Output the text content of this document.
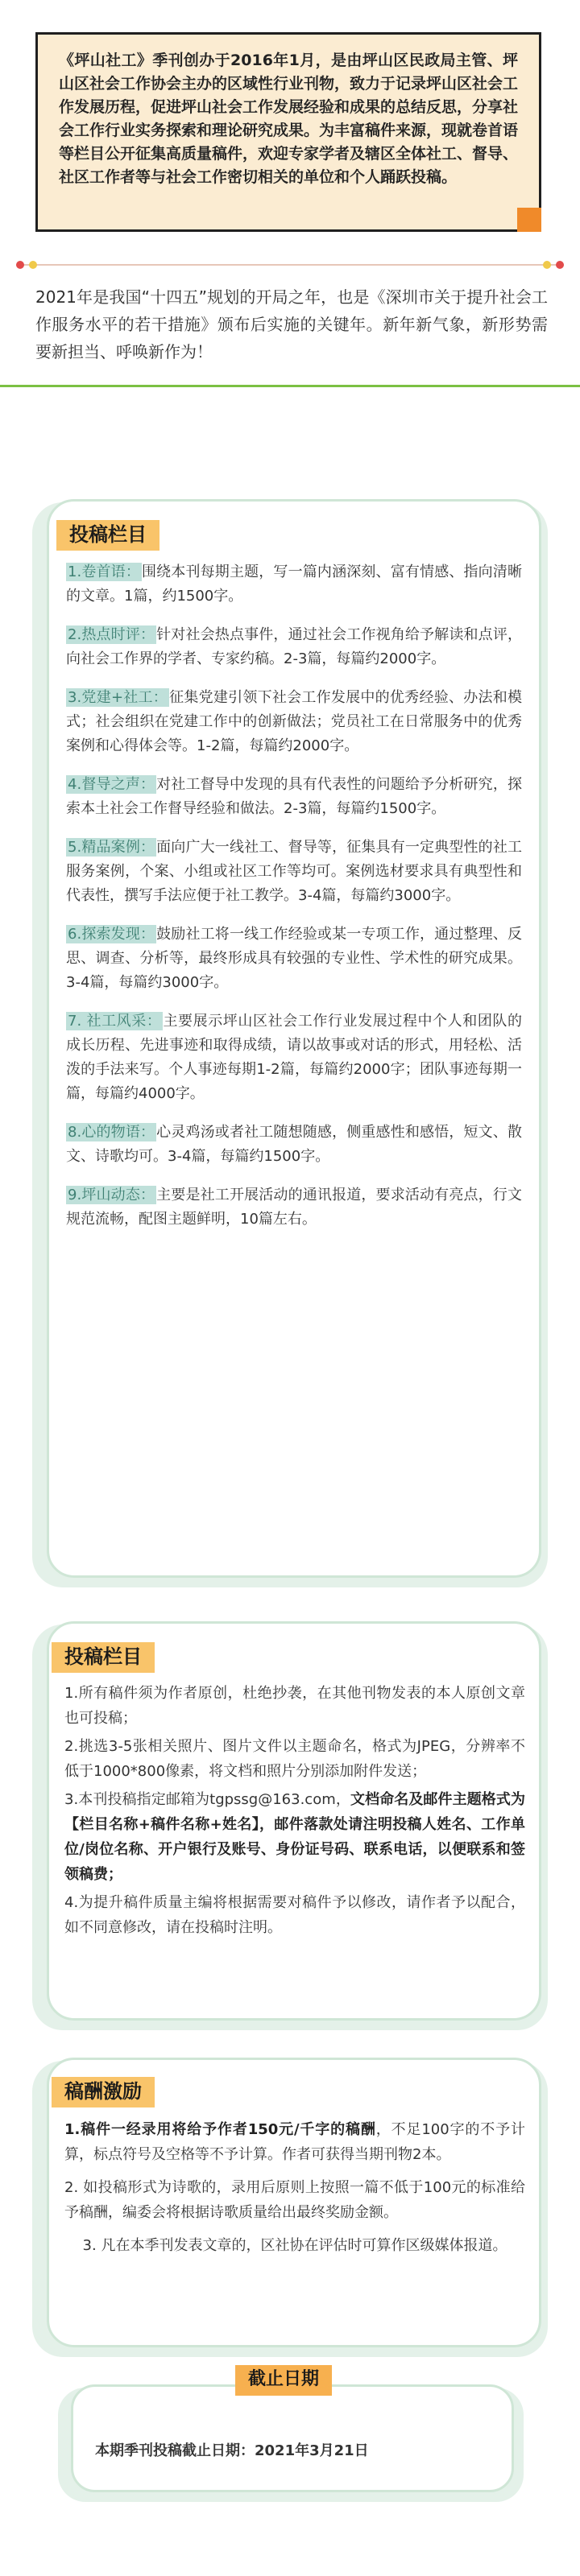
《坪山社工》季刊创办于2016年1月，是由坪山区民政局主管、坪山区社会工作协会主办的区域性行业刊物，致力于记录坪山区社会工作发展历程，促进坪山社会工作发展经验和成果的总结反思，分享社会工作行业实务探索和理论研究成果。为丰富稿件来源，现就卷首语等栏目公开征集高质量稿件，欢迎专家学者及辖区全体社工、督导、社区工作者等与社会工作密切相关的单位和个人踊跃投稿。

2021年是我国“十四五”规划的开局之年，也是《深圳市关于提升社会工作服务水平的若干措施》颁布后实施的关键年。新年新气象，新形势需要新担当、呼唤新作为！

投稿栏目

1.卷首语： 围绕本刊每期主题，写一篇内涵深刻、富有情感、指向清晰的文章。1篇，约1500字。

2.热点时评： 针对社会热点事件，通过社会工作视角给予解读和点评，向社会工作界的学者、专家约稿。2-3篇，每篇约2000字。

3.党建+社工： 征集党建引领下社会工作发展中的优秀经验、办法和模式；社会组织在党建工作中的创新做法；党员社工在日常服务中的优秀案例和心得体会等。1-2篇，每篇约2000字。

4.督导之声： 对社工督导中发现的具有代表性的问题给予分析研究，探索本土社会工作督导经验和做法。2-3篇，每篇约1500字。

5.精品案例： 面向广大一线社工、督导等，征集具有一定典型性的社工服务案例，个案、小组或社区工作等均可。案例选材要求具有典型性和代表性，撰写手法应便于社工教学。3-4篇，每篇约3000字。

6.探索发现： 鼓励社工将一线工作经验或某一专项工作，通过整理、反思、调查、分析等，最终形成具有较强的专业性、学术性的研究成果。3-4篇，每篇约3000字。

7. 社工风采： 主要展示坪山区社会工作行业发展过程中个人和团队的成长历程、先进事迹和取得成绩，请以故事或对话的形式，用轻松、活泼的手法来写。个人事迹每期1-2篇，每篇约2000字；团队事迹每期一篇，每篇约4000字。

8.心的物语： 心灵鸡汤或者社工随想随感，侧重感性和感悟，短文、散文、诗歌均可。3-4篇，每篇约1500字。

9.坪山动态： 主要是社工开展活动的通讯报道，要求活动有亮点，行文规范流畅，配图主题鲜明，10篇左右。

投稿栏目

1.所有稿件须为作者原创，杜绝抄袭，在其他刊物发表的本人原创文章也可投稿；

2.挑选3-5张相关照片、图片文件以主题命名，格式为JPEG，分辨率不低于1000*800像素，将文档和照片分别添加附件发送；

3.本刊投稿指定邮箱为tgpssg@163.com，文档命名及邮件主题格式为【栏目名称+稿件名称+姓名】，邮件落款处请注明投稿人姓名、工作单位/岗位名称、开户银行及账号、身份证号码、联系电话，以便联系和签领稿费；

4.为提升稿件质量主编将根据需要对稿件予以修改，请作者予以配合，如不同意修改，请在投稿时注明。

稿酬激励

1.稿件一经录用将给予作者150元/千字的稿酬，不足100字的不予计算，标点符号及空格等不予计算。作者可获得当期刊物2本。

2. 如投稿形式为诗歌的，录用后原则上按照一篇不低于100元的标准给予稿酬，编委会将根据诗歌质量给出最终奖励金额。

3. 凡在本季刊发表文章的，区社协在评估时可算作区级媒体报道。

截止日期

本期季刊投稿截止日期：2021年3月21日
